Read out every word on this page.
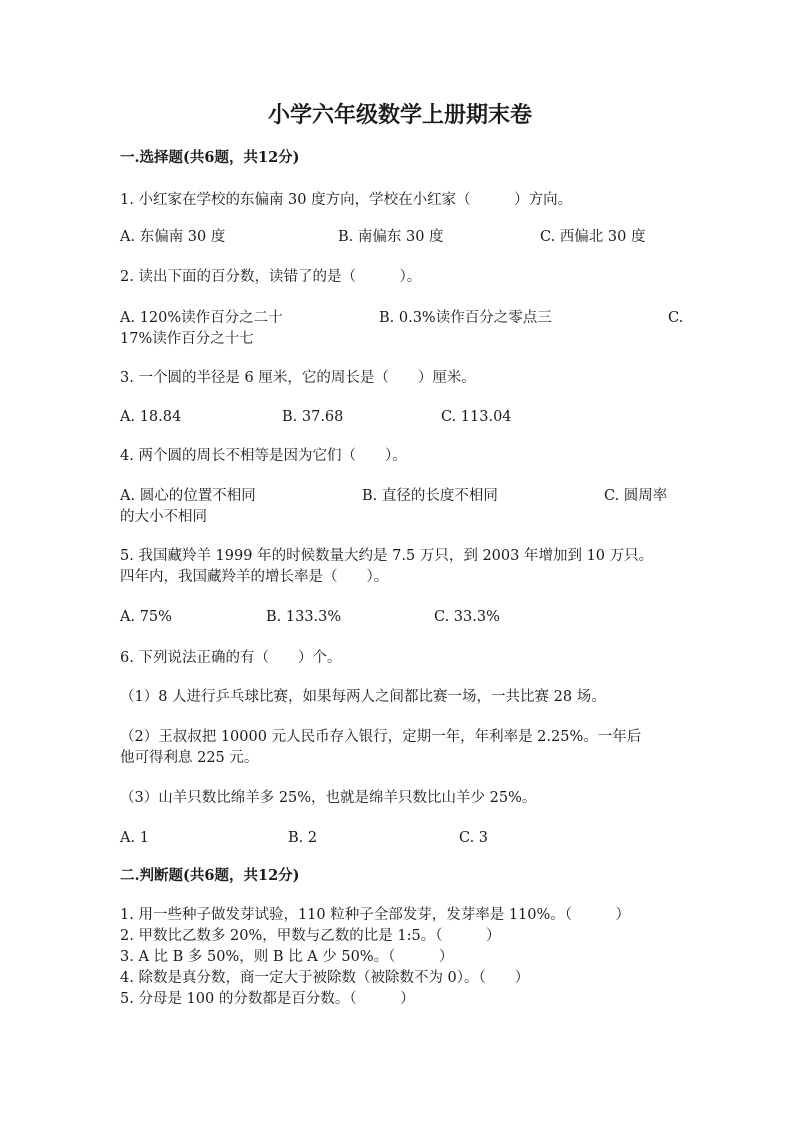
小学六年级数学上册期末卷
一.选择题(共6题，共12分)
1. 小红家在学校的东偏南 30 度方向，学校在小红家（　　　）方向。
A. 东偏南 30 度	B. 南偏东 30 度	C. 西偏北 30 度
2. 读出下面的百分数，读错了的是（　　　）。
A. 120%读作百分之二十	B. 0.3%读作百分之零点三	C.
17%读作百分之十七
3. 一个圆的半径是 6 厘米，它的周长是（　　）厘米。
A. 18.84	B. 37.68	C. 113.04
4. 两个圆的周长不相等是因为它们（　　）。
A. 圆心的位置不相同	B. 直径的长度不相同	C. 圆周率
的大小不相同
5. 我国藏羚羊 1999 年的时候数量大约是 7.5 万只，到 2003 年增加到 10 万只。
四年内，我国藏羚羊的增长率是（　　）。
A. 75%	B. 133.3%	C. 33.3%
6. 下列说法正确的有（　　）个。
（1）8 人进行乒乓球比赛，如果每两人之间都比赛一场，一共比赛 28 场。
（2）王叔叔把 10000 元人民币存入银行，定期一年，年利率是 2.25%。一年后
他可得利息 225 元。
（3）山羊只数比绵羊多 25%，也就是绵羊只数比山羊少 25%。
A. 1	B. 2	C. 3
二.判断题(共6题，共12分)
1. 用一些种子做发芽试验，110 粒种子全部发芽，发芽率是 110%。（　　　）
2. 甲数比乙数多 20%，甲数与乙数的比是 1:5。（　　　）
3. A 比 B 多 50%，则 B 比 A 少 50%。（　　　）
4. 除数是真分数，商一定大于被除数（被除数不为 0）。（　　）
5. 分母是 100 的分数都是百分数。（　　　）
